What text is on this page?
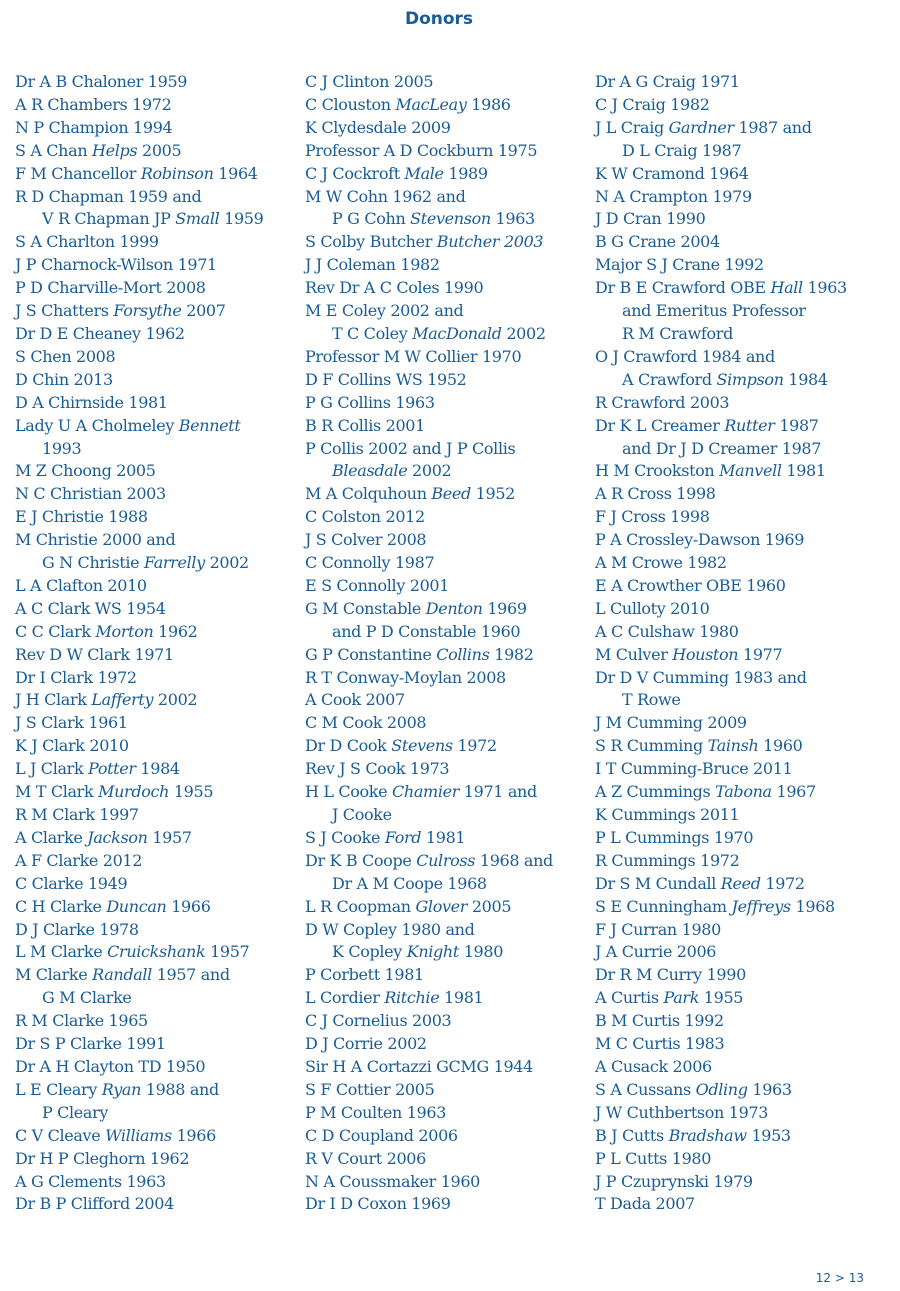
Donors
Dr A B Chaloner 1959
A R Chambers 1972
N P Champion 1994
S A Chan Helps 2005
F M Chancellor Robinson 1964
R D Chapman 1959 and
V R Chapman JP Small 1959
S A Charlton 1999
J P Charnock-Wilson 1971
P D Charville-Mort 2008
J S Chatters Forsythe 2007
Dr D E Cheaney 1962
S Chen 2008
D Chin 2013
D A Chirnside 1981
Lady U A Cholmeley Bennett
1993
M Z Choong 2005
N C Christian 2003
E J Christie 1988
M Christie 2000 and
G N Christie Farrelly 2002
L A Clafton 2010
A C Clark WS 1954
C C Clark Morton 1962
Rev D W Clark 1971
Dr I Clark 1972
J H Clark Lafferty 2002
J S Clark 1961
K J Clark 2010
L J Clark Potter 1984
M T Clark Murdoch 1955
R M Clark 1997
A Clarke Jackson 1957
A F Clarke 2012
C Clarke 1949
C H Clarke Duncan 1966
D J Clarke 1978
L M Clarke Cruickshank 1957
M Clarke Randall 1957 and
G M Clarke
R M Clarke 1965
Dr S P Clarke 1991
Dr A H Clayton TD 1950
L E Cleary Ryan 1988 and
P Cleary
C V Cleave Williams 1966
Dr H P Cleghorn 1962
A G Clements 1963
Dr B P Clifford 2004
C J Clinton 2005
C Clouston MacLeay 1986
K Clydesdale 2009
Professor A D Cockburn 1975
C J Cockroft Male 1989
M W Cohn 1962 and
P G Cohn Stevenson 1963
S Colby Butcher Butcher 2003
J J Coleman 1982
Rev Dr A C Coles 1990
M E Coley 2002 and
T C Coley MacDonald 2002
Professor M W Collier 1970
D F Collins WS 1952
P G Collins 1963
B R Collis 2001
P Collis 2002 and J P Collis
Bleasdale 2002
M A Colquhoun Beed 1952
C Colston 2012
J S Colver 2008
C Connolly 1987
E S Connolly 2001
G M Constable Denton 1969
and P D Constable 1960
G P Constantine Collins 1982
R T Conway-Moylan 2008
A Cook 2007
C M Cook 2008
Dr D Cook Stevens 1972
Rev J S Cook 1973
H L Cooke Chamier 1971 and
J Cooke
S J Cooke Ford 1981
Dr K B Coope Culross 1968 and
Dr A M Coope 1968
L R Coopman Glover 2005
D W Copley 1980 and
K Copley Knight 1980
P Corbett 1981
L Cordier Ritchie 1981
C J Cornelius 2003
D J Corrie 2002
Sir H A Cortazzi GCMG 1944
S F Cottier 2005
P M Coulten 1963
C D Coupland 2006
R V Court 2006
N A Coussmaker 1960
Dr I D Coxon 1969
Dr A G Craig 1971
C J Craig 1982
J L Craig Gardner 1987 and
D L Craig 1987
K W Cramond 1964
N A Crampton 1979
J D Cran 1990
B G Crane 2004
Major S J Crane 1992
Dr B E Crawford OBE Hall 1963
and Emeritus Professor
R M Crawford
O J Crawford 1984 and
A Crawford Simpson 1984
R Crawford 2003
Dr K L Creamer Rutter 1987
and Dr J D Creamer 1987
H M Crookston Manvell 1981
A R Cross 1998
F J Cross 1998
P A Crossley-Dawson 1969
A M Crowe 1982
E A Crowther OBE 1960
L Culloty 2010
A C Culshaw 1980
M Culver Houston 1977
Dr D V Cumming 1983 and
T Rowe
J M Cumming 2009
S R Cumming Tainsh 1960
I T Cumming-Bruce 2011
A Z Cummings Tabona 1967
K Cummings 2011
P L Cummings 1970
R Cummings 1972
Dr S M Cundall Reed 1972
S E Cunningham Jeffreys 1968
F J Curran 1980
J A Currie 2006
Dr R M Curry 1990
A Curtis Park 1955
B M Curtis 1992
M C Curtis 1983
A Cusack 2006
S A Cussans Odling 1963
J W Cuthbertson 1973
B J Cutts Bradshaw 1953
P L Cutts 1980
J P Czuprynski 1979
T Dada 2007
12 > 13
